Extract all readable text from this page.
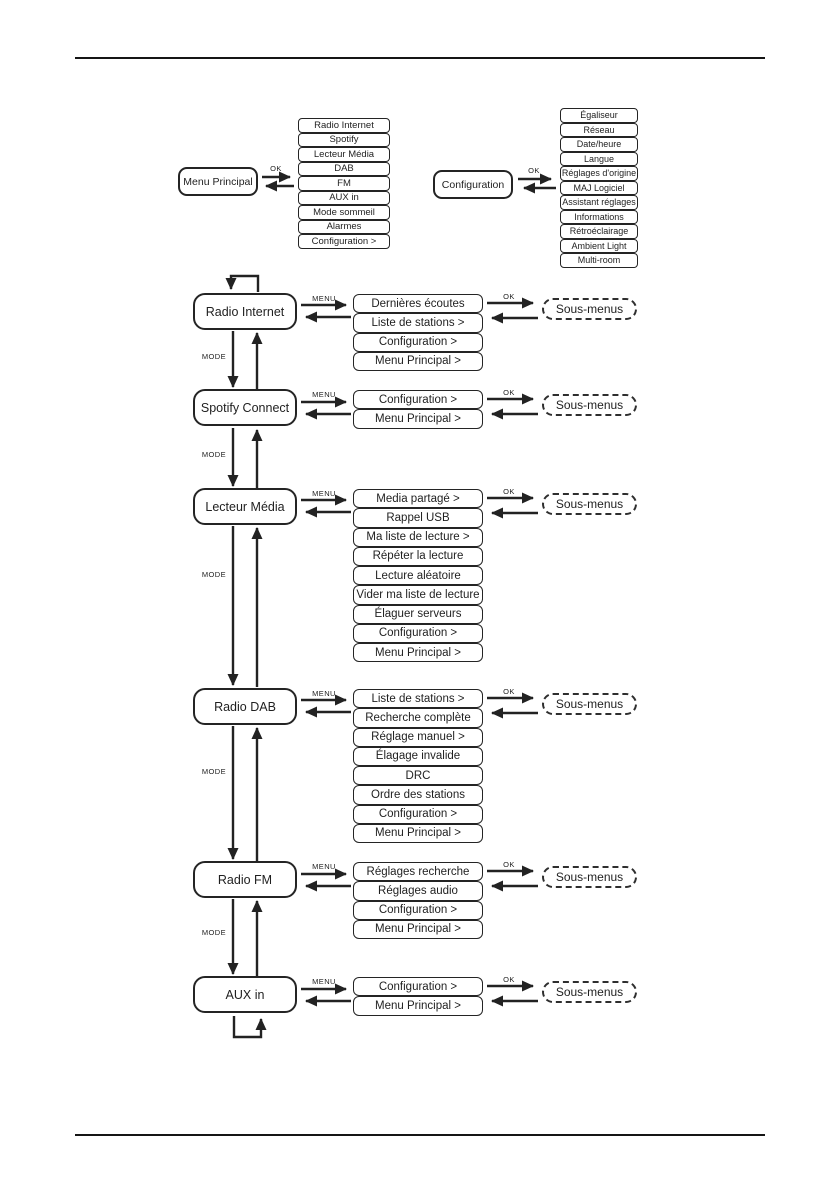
Menu Principal
OK
Radio Internet
Spotify
Lecteur Média
DAB
FM
AUX in
Mode sommeil
Alarmes
Configuration >
Configuration
OK
Égaliseur
Réseau
Date/heure
Langue
Réglages d'origine
MAJ Logiciel
Assistant réglages
Informations
Rétroéclairage
Ambient Light
Multi-room
Radio Internet
MENU	Dernières écoutes
Liste de stations >
Configuration >
Menu Principal >
OK
Sous-menus
Spotify Connect
MENU	Configuration >
Menu Principal >
OK
Sous-menus
Lecteur Média
MENU	Media partagé >
Rappel USB
Ma liste de lecture >
Répéter la lecture
Lecture aléatoire
Vider ma liste de lecture
Élaguer serveurs
Configuration >
Menu Principal >
OK
Sous-menus
Radio DAB
MENU	Liste de stations >
Recherche complète
Réglage manuel >
Élagage invalide
DRC
Ordre des stations
Configuration >
Menu Principal >
OK
Sous-menus
Radio FM
MENU	Réglages recherche
Réglages audio
Configuration >
Menu Principal >
OK
Sous-menus
AUX in
MENU	Configuration >
Menu Principal >
OK
Sous-menus
MODE
MODE
MODE
MODE
MODE
